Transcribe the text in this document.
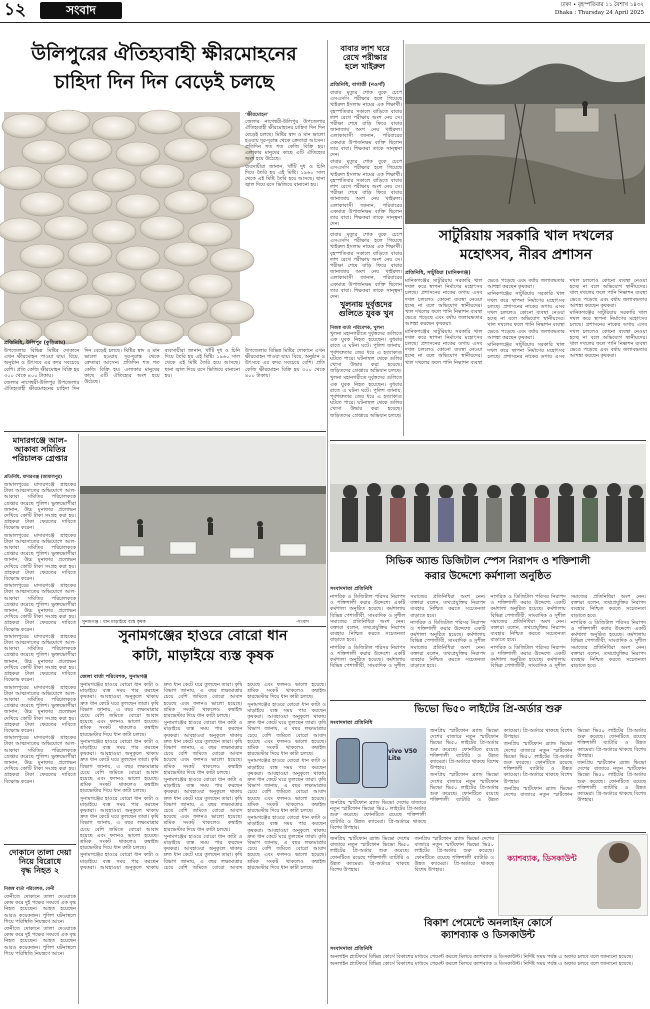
১২	সংবাদ	ঢাকা • বৃহস্পতিবার ১১ বৈশাখ ১৪৩২
Dhaka : Thursday 24 April 2025
উলিপুরের ঐতিহ্যবাহী ক্ষীরমোহনের
চাহিদা দিন দিন বেড়েই চলছে

‘ক্ষীরমোহন’

জেলার নাগেশ্বরী-উলিপুর উপজেলার ঐতিহ্যবাহী ক্ষীরমোহনের চাহিদা দিন দিন বেড়েই চলছে। মিষ্টির স্বাদ ও মান ভালো হওয়ায় দূর-দূরান্ত থেকে ক্রেতারা আসেন। প্রতিদিন শত শত কেজি বিক্রি হয়। এলাকার মানুষের কাছে এটি ঐতিহ্যের অংশ হয়ে উঠেছে।

ব্যবসায়ীরা জানান, খাঁটি দুধ ও চিনি দিয়ে তৈরি হয় এই মিষ্টি। ১৯৬০ সাল থেকে এই মিষ্টি তৈরি হয়ে আসছে। ছানা জ্বাল দিয়ে রসে ভিজিয়ে বানানো হয়।

প্রতিনিধি, উলিপুর (কুড়িগ্রাম)

উপজেলার বিভিন্ন মিষ্টির দোকানে এখন ক্ষীরমোহন পাওয়া যায়। বিয়ে, অনুষ্ঠান ও উৎসবে এর কদর সবচেয়ে বেশি। প্রতি কেজি ক্ষীরমোহন বিক্রি হয় ৩০০ থেকে ৪০০ টাকায়।

জেলার নাগেশ্বরী-উলিপুর উপজেলার ঐতিহ্যবাহী ক্ষীরমোহনের চাহিদা দিন দিন বেড়েই চলছে। মিষ্টির স্বাদ ও মান ভালো হওয়ায় দূর-দূরান্ত থেকে ক্রেতারা আসেন। প্রতিদিন শত শত কেজি বিক্রি হয়। এলাকার মানুষের কাছে এটি ঐতিহ্যের অংশ হয়ে উঠেছে।

ব্যবসায়ীরা জানান, খাঁটি দুধ ও চিনি দিয়ে তৈরি হয় এই মিষ্টি। ১৯৬০ সাল থেকে এই মিষ্টি তৈরি হয়ে আসছে। ছানা জ্বাল দিয়ে রসে ভিজিয়ে বানানো হয়।

উপজেলার বিভিন্ন মিষ্টির দোকানে এখন ক্ষীরমোহন পাওয়া যায়। বিয়ে, অনুষ্ঠান ও উৎসবে এর কদর সবচেয়ে বেশি। প্রতি কেজি ক্ষীরমোহন বিক্রি হয় ৩০০ থেকে ৪০০ টাকায়।

বাবার লাশ ঘরে
রেখে পরীক্ষার
হলে খাইরুল
প্রতিনিধি, বাগাতী (নওগাঁ)

বাবার মৃত্যুর শোক বুকে চেপে এসএসসি পরীক্ষার হলে গিয়েছে খাইরুল ইসলাম নামের এক শিক্ষার্থী। বৃহস্পতিবার সকালে বাড়িতে বাবার লাশ রেখে পরীক্ষায় অংশ নেয় সে। পরীক্ষা শেষে বাড়ি ফিরে বাবার জানাজায় অংশ নেয় খাইরুল। এলাকাবাসী জানান, পরিবারের একমাত্র উপার্জনক্ষম ব্যক্তি ছিলেন তার বাবা। শিক্ষকরা তাকে সান্ত্বনা দেন।

বাবার মৃত্যুর শোক বুকে চেপে এসএসসি পরীক্ষার হলে গিয়েছে খাইরুল ইসলাম নামের এক শিক্ষার্থী। বৃহস্পতিবার সকালে বাড়িতে বাবার লাশ রেখে পরীক্ষায় অংশ নেয় সে। পরীক্ষা শেষে বাড়ি ফিরে বাবার জানাজায় অংশ নেয় খাইরুল। এলাকাবাসী জানান, পরিবারের একমাত্র উপার্জনক্ষম ব্যক্তি ছিলেন তার বাবা। শিক্ষকরা তাকে সান্ত্বনা দেন।

সাটুরিয়ায় সরকারি খাল দখলের
মহোৎসব, নীরব প্রশাসন
প্রতিনিধি, সাটুরিয়া (মানিকগঞ্জ)

মানিকগঞ্জের সাটুরিয়ায় সরকারি খাল দখল করে স্থাপনা নির্মাণের মহোৎসব চলছে। প্রশাসনের নাকের ডগায় এসব দখল চললেও কোনো ব্যবস্থা নেওয়া হচ্ছে না বলে অভিযোগ স্থানীয়দের। খাল দখলের ফলে পানি নিষ্কাশন ব্যবস্থা ভেঙে পড়েছে এবং বর্ষায় জলাবদ্ধতার আশঙ্কা করছেন কৃষকরা।

মানিকগঞ্জের সাটুরিয়ায় সরকারি খাল দখল করে স্থাপনা নির্মাণের মহোৎসব চলছে। প্রশাসনের নাকের ডগায় এসব দখল চললেও কোনো ব্যবস্থা নেওয়া হচ্ছে না বলে অভিযোগ স্থানীয়দের। খাল দখলের ফলে পানি নিষ্কাশন ব্যবস্থা ভেঙে পড়েছে এবং বর্ষায় জলাবদ্ধতার আশঙ্কা করছেন কৃষকরা।

মানিকগঞ্জের সাটুরিয়ায় সরকারি খাল দখল করে স্থাপনা নির্মাণের মহোৎসব চলছে। প্রশাসনের নাকের ডগায় এসব দখল চললেও কোনো ব্যবস্থা নেওয়া হচ্ছে না বলে অভিযোগ স্থানীয়দের। খাল দখলের ফলে পানি নিষ্কাশন ব্যবস্থা ভেঙে পড়েছে এবং বর্ষায় জলাবদ্ধতার আশঙ্কা করছেন কৃষকরা।

মানিকগঞ্জের সাটুরিয়ায় সরকারি খাল দখল করে স্থাপনা নির্মাণের মহোৎসব চলছে। প্রশাসনের নাকের ডগায় এসব দখল চললেও কোনো ব্যবস্থা নেওয়া হচ্ছে না বলে অভিযোগ স্থানীয়দের। খাল দখলের ফলে পানি নিষ্কাশন ব্যবস্থা ভেঙে পড়েছে এবং বর্ষায় জলাবদ্ধতার আশঙ্কা করছেন কৃষকরা।

মানিকগঞ্জের সাটুরিয়ায় সরকারি খাল দখল করে স্থাপনা নির্মাণের মহোৎসব চলছে। প্রশাসনের নাকের ডগায় এসব দখল চললেও কোনো ব্যবস্থা নেওয়া হচ্ছে না বলে অভিযোগ স্থানীয়দের। খাল দখলের ফলে পানি নিষ্কাশন ব্যবস্থা ভেঙে পড়েছে এবং বর্ষায় জলাবদ্ধতার আশঙ্কা করছেন কৃষকরা।

খুলনায় দুর্বৃত্তদের
গুলিতে যুবক খুন

বাবার মৃত্যুর শোক বুকে চেপে এসএসসি পরীক্ষার হলে গিয়েছে খাইরুল ইসলাম নামের এক শিক্ষার্থী। বৃহস্পতিবার সকালে বাড়িতে বাবার লাশ রেখে পরীক্ষায় অংশ নেয় সে। পরীক্ষা শেষে বাড়ি ফিরে বাবার জানাজায় অংশ নেয় খাইরুল। এলাকাবাসী জানান, পরিবারের একমাত্র উপার্জনক্ষম ব্যক্তি ছিলেন তার বাবা। শিক্ষকরা তাকে সান্ত্বনা দেন।

নিজস্ব বার্তা পরিবেশক, খুলনা

খুলনা মহানগরীতে দুর্বৃত্তদের গুলিতে এক যুবক নিহত হয়েছেন। বুধবার রাতে এ ঘটনা ঘটে। পুলিশ জানায়, পূর্বশত্রুতার জের ধরে এ হত্যাকাণ্ড ঘটতে পারে। ঘটনাস্থল থেকে গুলির খোসা উদ্ধার করা হয়েছে। জড়িতদের গ্রেপ্তারে অভিযান চলছে।

খুলনা মহানগরীতে দুর্বৃত্তদের গুলিতে এক যুবক নিহত হয়েছেন। বুধবার রাতে এ ঘটনা ঘটে। পুলিশ জানায়, পূর্বশত্রুতার জের ধরে এ হত্যাকাণ্ড ঘটতে পারে। ঘটনাস্থল থেকে গুলির খোসা উদ্ধার করা হয়েছে। জড়িতদের গ্রেপ্তারে অভিযান চলছে।

মাদারগঞ্জে আল-
আকাবা সমিতির
পরিচালক গ্রেপ্তার
প্রতিনিধি, মাদারগঞ্জ (জামালপুর)

জামালপুরের মাদারগঞ্জে গ্রাহকের টাকা আত্মসাতের অভিযোগে আল-আকাবা সমিতির পরিচালককে গ্রেপ্তার করেছে পুলিশ। ভুক্তভোগীরা জানান, উচ্চ মুনাফার প্রলোভন দেখিয়ে কোটি টাকা সংগ্রহ করা হয়। গ্রাহকরা টাকা ফেরতের দাবিতে বিক্ষোভ করেন।

জামালপুরের মাদারগঞ্জে গ্রাহকের টাকা আত্মসাতের অভিযোগে আল-আকাবা সমিতির পরিচালককে গ্রেপ্তার করেছে পুলিশ। ভুক্তভোগীরা জানান, উচ্চ মুনাফার প্রলোভন দেখিয়ে কোটি টাকা সংগ্রহ করা হয়। গ্রাহকরা টাকা ফেরতের দাবিতে বিক্ষোভ করেন।

জামালপুরের মাদারগঞ্জে গ্রাহকের টাকা আত্মসাতের অভিযোগে আল-আকাবা সমিতির পরিচালককে গ্রেপ্তার করেছে পুলিশ। ভুক্তভোগীরা জানান, উচ্চ মুনাফার প্রলোভন দেখিয়ে কোটি টাকা সংগ্রহ করা হয়। গ্রাহকরা টাকা ফেরতের দাবিতে বিক্ষোভ করেন।

জামালপুরের মাদারগঞ্জে গ্রাহকের টাকা আত্মসাতের অভিযোগে আল-আকাবা সমিতির পরিচালককে গ্রেপ্তার করেছে পুলিশ। ভুক্তভোগীরা জানান, উচ্চ মুনাফার প্রলোভন দেখিয়ে কোটি টাকা সংগ্রহ করা হয়। গ্রাহকরা টাকা ফেরতের দাবিতে বিক্ষোভ করেন।

জামালপুরের মাদারগঞ্জে গ্রাহকের টাকা আত্মসাতের অভিযোগে আল-আকাবা সমিতির পরিচালককে গ্রেপ্তার করেছে পুলিশ। ভুক্তভোগীরা জানান, উচ্চ মুনাফার প্রলোভন দেখিয়ে কোটি টাকা সংগ্রহ করা হয়। গ্রাহকরা টাকা ফেরতের দাবিতে বিক্ষোভ করেন।

জামালপুরের মাদারগঞ্জে গ্রাহকের টাকা আত্মসাতের অভিযোগে আল-আকাবা সমিতির পরিচালককে গ্রেপ্তার করেছে পুলিশ। ভুক্তভোগীরা জানান, উচ্চ মুনাফার প্রলোভন দেখিয়ে কোটি টাকা সংগ্রহ করা হয়। গ্রাহকরা টাকা ফেরতের দাবিতে বিক্ষোভ করেন।

সুনামগঞ্জ : ধান মাড়াইয়ে ব্যস্ত কৃষক	-সংবাদ
সুনামগঞ্জের হাওরে বোরো ধান
কাটা, মাড়াইয়ে ব্যস্ত কৃষক
জেলা বার্তা পরিবেশক, সুনামগঞ্জ

সুনামগঞ্জের হাওরে বোরো ধান কাটা ও মাড়াইয়ে ব্যস্ত সময় পার করছেন কৃষকরা। আবহাওয়া অনুকূলে থাকায় দ্রুত ধান কেটে ঘরে তুলছেন তারা। কৃষি বিভাগ জানায়, এ বছর লক্ষ্যমাত্রার চেয়ে বেশি জমিতে বোরো আবাদ হয়েছে এবং ফলনও ভালো হয়েছে। শ্রমিক সংকট থাকলেও কম্বাইন্ড হারভেস্টার দিয়ে ধান কাটা চলছে।

সুনামগঞ্জের হাওরে বোরো ধান কাটা ও মাড়াইয়ে ব্যস্ত সময় পার করছেন কৃষকরা। আবহাওয়া অনুকূলে থাকায় দ্রুত ধান কেটে ঘরে তুলছেন তারা। কৃষি বিভাগ জানায়, এ বছর লক্ষ্যমাত্রার চেয়ে বেশি জমিতে বোরো আবাদ হয়েছে এবং ফলনও ভালো হয়েছে। শ্রমিক সংকট থাকলেও কম্বাইন্ড হারভেস্টার দিয়ে ধান কাটা চলছে।

সুনামগঞ্জের হাওরে বোরো ধান কাটা ও মাড়াইয়ে ব্যস্ত সময় পার করছেন কৃষকরা। আবহাওয়া অনুকূলে থাকায় দ্রুত ধান কেটে ঘরে তুলছেন তারা। কৃষি বিভাগ জানায়, এ বছর লক্ষ্যমাত্রার চেয়ে বেশি জমিতে বোরো আবাদ হয়েছে এবং ফলনও ভালো হয়েছে। শ্রমিক সংকট থাকলেও কম্বাইন্ড হারভেস্টার দিয়ে ধান কাটা চলছে।

সুনামগঞ্জের হাওরে বোরো ধান কাটা ও মাড়াইয়ে ব্যস্ত সময় পার করছেন কৃষকরা। আবহাওয়া অনুকূলে থাকায় দ্রুত ধান কেটে ঘরে তুলছেন তারা। কৃষি বিভাগ জানায়, এ বছর লক্ষ্যমাত্রার চেয়ে বেশি জমিতে বোরো আবাদ হয়েছে এবং ফলনও ভালো হয়েছে। শ্রমিক সংকট থাকলেও কম্বাইন্ড হারভেস্টার দিয়ে ধান কাটা চলছে।

সুনামগঞ্জের হাওরে বোরো ধান কাটা ও মাড়াইয়ে ব্যস্ত সময় পার করছেন কৃষকরা। আবহাওয়া অনুকূলে থাকায় দ্রুত ধান কেটে ঘরে তুলছেন তারা। কৃষি বিভাগ জানায়, এ বছর লক্ষ্যমাত্রার চেয়ে বেশি জমিতে বোরো আবাদ হয়েছে এবং ফলনও ভালো হয়েছে। শ্রমিক সংকট থাকলেও কম্বাইন্ড হারভেস্টার দিয়ে ধান কাটা চলছে।

সুনামগঞ্জের হাওরে বোরো ধান কাটা ও মাড়াইয়ে ব্যস্ত সময় পার করছেন কৃষকরা। আবহাওয়া অনুকূলে থাকায় দ্রুত ধান কেটে ঘরে তুলছেন তারা। কৃষি বিভাগ জানায়, এ বছর লক্ষ্যমাত্রার চেয়ে বেশি জমিতে বোরো আবাদ হয়েছে এবং ফলনও ভালো হয়েছে। শ্রমিক সংকট থাকলেও কম্বাইন্ড হারভেস্টার দিয়ে ধান কাটা চলছে।

সুনামগঞ্জের হাওরে বোরো ধান কাটা ও মাড়াইয়ে ব্যস্ত সময় পার করছেন কৃষকরা। আবহাওয়া অনুকূলে থাকায় দ্রুত ধান কেটে ঘরে তুলছেন তারা। কৃষি বিভাগ জানায়, এ বছর লক্ষ্যমাত্রার চেয়ে বেশি জমিতে বোরো আবাদ হয়েছে এবং ফলনও ভালো হয়েছে। শ্রমিক সংকট থাকলেও কম্বাইন্ড হারভেস্টার দিয়ে ধান কাটা চলছে।

সুনামগঞ্জের হাওরে বোরো ধান কাটা ও মাড়াইয়ে ব্যস্ত সময় পার করছেন কৃষকরা। আবহাওয়া অনুকূলে থাকায় দ্রুত ধান কেটে ঘরে তুলছেন তারা। কৃষি বিভাগ জানায়, এ বছর লক্ষ্যমাত্রার চেয়ে বেশি জমিতে বোরো আবাদ হয়েছে এবং ফলনও ভালো হয়েছে। শ্রমিক সংকট থাকলেও কম্বাইন্ড হারভেস্টার দিয়ে ধান কাটা চলছে।

সুনামগঞ্জের হাওরে বোরো ধান কাটা ও মাড়াইয়ে ব্যস্ত সময় পার করছেন কৃষকরা। আবহাওয়া অনুকূলে থাকায় দ্রুত ধান কেটে ঘরে তুলছেন তারা। কৃষি বিভাগ জানায়, এ বছর লক্ষ্যমাত্রার চেয়ে বেশি জমিতে বোরো আবাদ হয়েছে এবং ফলনও ভালো হয়েছে। শ্রমিক সংকট থাকলেও কম্বাইন্ড হারভেস্টার দিয়ে ধান কাটা চলছে।

সুনামগঞ্জের হাওরে বোরো ধান কাটা ও মাড়াইয়ে ব্যস্ত সময় পার করছেন কৃষকরা। আবহাওয়া অনুকূলে থাকায় দ্রুত ধান কেটে ঘরে তুলছেন তারা। কৃষি বিভাগ জানায়, এ বছর লক্ষ্যমাত্রার চেয়ে বেশি জমিতে বোরো আবাদ হয়েছে এবং ফলনও ভালো হয়েছে। শ্রমিক সংকট থাকলেও কম্বাইন্ড হারভেস্টার দিয়ে ধান কাটা চলছে।

দোকানে তালা দেয়া
নিয়ে বিরোধে
বৃদ্ধ নিহত ২
নিজস্ব বার্তা পরিবেশক, ফেনী

ফেনীতে দোকানে তালা দেওয়াকে কেন্দ্র করে দুই পক্ষের সংঘর্ষে এক বৃদ্ধ নিহত হয়েছেন। আহত হয়েছেন আরও কয়েকজন। পুলিশ ঘটনাস্থলে গিয়ে পরিস্থিতি নিয়ন্ত্রণে আনে।

ফেনীতে দোকানে তালা দেওয়াকে কেন্দ্র করে দুই পক্ষের সংঘর্ষে এক বৃদ্ধ নিহত হয়েছেন। আহত হয়েছেন আরও কয়েকজন। পুলিশ ঘটনাস্থলে গিয়ে পরিস্থিতি নিয়ন্ত্রণে আনে।

সিভিক অ্যান্ড ডিজিটাল স্পেস নিরাপদ ও শক্তিশালী
করার উদ্দেশ্যে কর্মশালা অনুষ্ঠিত
সংবাদদাতা প্রতিনিধি

নাগরিক ও ডিজিটাল পরিসর নিরাপদ ও শক্তিশালী করার উদ্দেশ্যে একটি কর্মশালা অনুষ্ঠিত হয়েছে। কর্মশালায় বিভিন্ন পেশাজীবী, সাংবাদিক ও সুশীল সমাজের প্রতিনিধিরা অংশ নেন। বক্তারা বলেন, তথ্যপ্রযুক্তির নিরাপদ ব্যবহার নিশ্চিত করতে সচেতনতা বাড়াতে হবে।

নাগরিক ও ডিজিটাল পরিসর নিরাপদ ও শক্তিশালী করার উদ্দেশ্যে একটি কর্মশালা অনুষ্ঠিত হয়েছে। কর্মশালায় বিভিন্ন পেশাজীবী, সাংবাদিক ও সুশীল সমাজের প্রতিনিধিরা অংশ নেন। বক্তারা বলেন, তথ্যপ্রযুক্তির নিরাপদ ব্যবহার নিশ্চিত করতে সচেতনতা বাড়াতে হবে।

নাগরিক ও ডিজিটাল পরিসর নিরাপদ ও শক্তিশালী করার উদ্দেশ্যে একটি কর্মশালা অনুষ্ঠিত হয়েছে। কর্মশালায় বিভিন্ন পেশাজীবী, সাংবাদিক ও সুশীল সমাজের প্রতিনিধিরা অংশ নেন। বক্তারা বলেন, তথ্যপ্রযুক্তির নিরাপদ ব্যবহার নিশ্চিত করতে সচেতনতা বাড়াতে হবে।

নাগরিক ও ডিজিটাল পরিসর নিরাপদ ও শক্তিশালী করার উদ্দেশ্যে একটি কর্মশালা অনুষ্ঠিত হয়েছে। কর্মশালায় বিভিন্ন পেশাজীবী, সাংবাদিক ও সুশীল সমাজের প্রতিনিধিরা অংশ নেন। বক্তারা বলেন, তথ্যপ্রযুক্তির নিরাপদ ব্যবহার নিশ্চিত করতে সচেতনতা বাড়াতে হবে।

নাগরিক ও ডিজিটাল পরিসর নিরাপদ ও শক্তিশালী করার উদ্দেশ্যে একটি কর্মশালা অনুষ্ঠিত হয়েছে। কর্মশালায় বিভিন্ন পেশাজীবী, সাংবাদিক ও সুশীল সমাজের প্রতিনিধিরা অংশ নেন। বক্তারা বলেন, তথ্যপ্রযুক্তির নিরাপদ ব্যবহার নিশ্চিত করতে সচেতনতা বাড়াতে হবে।

নাগরিক ও ডিজিটাল পরিসর নিরাপদ ও শক্তিশালী করার উদ্দেশ্যে একটি কর্মশালা অনুষ্ঠিত হয়েছে। কর্মশালায় বিভিন্ন পেশাজীবী, সাংবাদিক ও সুশীল সমাজের প্রতিনিধিরা অংশ নেন। বক্তারা বলেন, তথ্যপ্রযুক্তির নিরাপদ ব্যবহার নিশ্চিত করতে সচেতনতা বাড়াতে হবে।

ভিভো ভি৫০ লাইটের প্রি-অর্ডার শুরু
সংবাদদাতা প্রতিনিধি
vivo V50 Lite

জনপ্রিয় স্মার্টফোন ব্র্যান্ড ভিভো দেশের বাজারে নতুন স্মার্টফোন ভিভো ভি৫০ লাইটের প্রি-অর্ডার শুরু করেছে। ফোনটিতে রয়েছে শক্তিশালী ব্যাটারি ও উন্নত ক্যামেরা। প্রি-অর্ডারে থাকছে বিশেষ উপহার।

জনপ্রিয় স্মার্টফোন ব্র্যান্ড ভিভো দেশের বাজারে নতুন স্মার্টফোন ভিভো ভি৫০ লাইটের প্রি-অর্ডার শুরু করেছে। ফোনটিতে রয়েছে শক্তিশালী ব্যাটারি ও উন্নত ক্যামেরা। প্রি-অর্ডারে থাকছে বিশেষ উপহার।

জনপ্রিয় স্মার্টফোন ব্র্যান্ড ভিভো দেশের বাজারে নতুন স্মার্টফোন ভিভো ভি৫০ লাইটের প্রি-অর্ডার শুরু করেছে। ফোনটিতে রয়েছে শক্তিশালী ব্যাটারি ও উন্নত ক্যামেরা। প্রি-অর্ডারে থাকছে বিশেষ উপহার।

জনপ্রিয় স্মার্টফোন ব্র্যান্ড ভিভো দেশের বাজারে নতুন স্মার্টফোন ভিভো ভি৫০ লাইটের প্রি-অর্ডার শুরু করেছে। ফোনটিতে রয়েছে শক্তিশালী ব্যাটারি ও উন্নত ক্যামেরা। প্রি-অর্ডারে থাকছে বিশেষ উপহার।

জনপ্রিয় স্মার্টফোন ব্র্যান্ড ভিভো দেশের বাজারে নতুন স্মার্টফোন ভিভো ভি৫০ লাইটের প্রি-অর্ডার শুরু করেছে। ফোনটিতে রয়েছে শক্তিশালী ব্যাটারি ও উন্নত ক্যামেরা। প্রি-অর্ডারে থাকছে বিশেষ উপহার।

জনপ্রিয় স্মার্টফোন ব্র্যান্ড ভিভো দেশের বাজারে নতুন স্মার্টফোন ভিভো ভি৫০ লাইটের প্রি-অর্ডার শুরু করেছে। ফোনটিতে রয়েছে শক্তিশালী ব্যাটারি ও উন্নত ক্যামেরা। প্রি-অর্ডারে থাকছে বিশেষ উপহার।

ক্যাশব্যাক, ডিসকাউন্ট
বিকাশ পেমেন্টে অনলাইন কোর্সে
ক্যাশব্যাক ও ডিসকাউন্ট
সংবাদদাতা প্রতিনিধি

অনলাইন প্ল্যাটফর্মে বিভিন্ন কোর্সে বিকাশের মাধ্যমে পেমেন্ট করলে মিলবে ক্যাশব্যাক ও ডিসকাউন্ট। নির্দিষ্ট সময় পর্যন্ত এ অফার চলবে বলে জানানো হয়েছে।

অনলাইন প্ল্যাটফর্মে বিভিন্ন কোর্সে বিকাশের মাধ্যমে পেমেন্ট করলে মিলবে ক্যাশব্যাক ও ডিসকাউন্ট। নির্দিষ্ট সময় পর্যন্ত এ অফার চলবে বলে জানানো হয়েছে।

জনপ্রিয় স্মার্টফোন ব্র্যান্ড ভিভো দেশের বাজারে নতুন স্মার্টফোন ভিভো ভি৫০ লাইটের প্রি-অর্ডার শুরু করেছে। ফোনটিতে রয়েছে শক্তিশালী ব্যাটারি ও উন্নত ক্যামেরা। প্রি-অর্ডারে থাকছে বিশেষ উপহার।

জনপ্রিয় স্মার্টফোন ব্র্যান্ড ভিভো দেশের বাজারে নতুন স্মার্টফোন ভিভো ভি৫০ লাইটের প্রি-অর্ডার শুরু করেছে। ফোনটিতে রয়েছে শক্তিশালী ব্যাটারি ও উন্নত ক্যামেরা। প্রি-অর্ডারে থাকছে বিশেষ উপহার।
